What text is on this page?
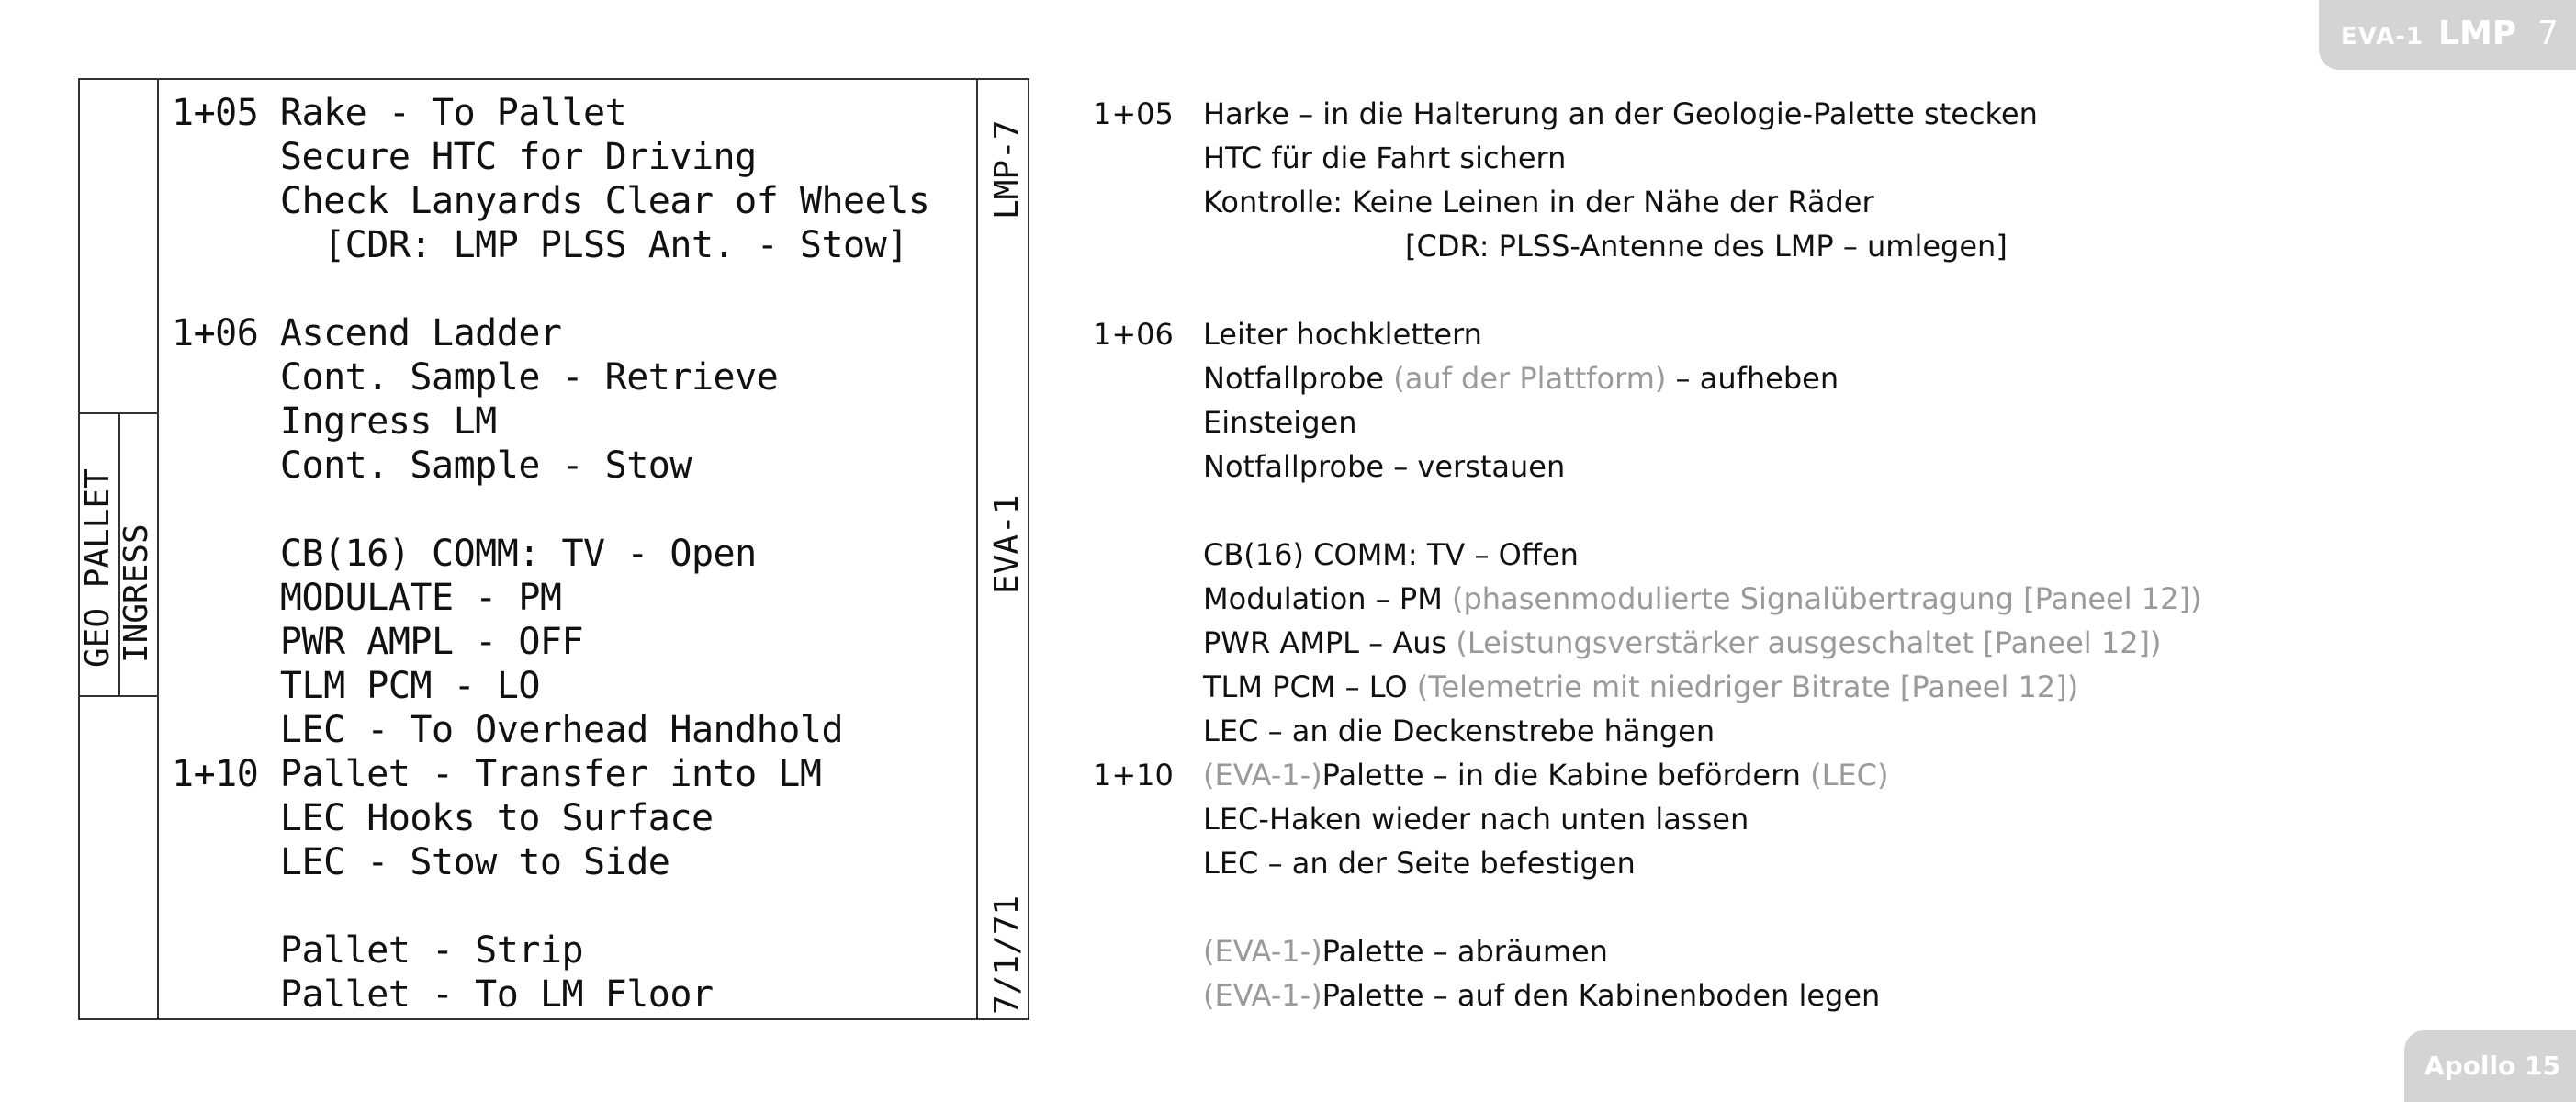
EVA-1 LMP 7
GEO PALLET INGRESS
LMP-7
EVA-1
7/1/71
1+05 Rake - To Pallet
Secure HTC for Driving
Check Lanyards Clear of Wheels
[CDR: LMP PLSS Ant. - Stow]
1+06 Ascend Ladder
Cont. Sample - Retrieve
Ingress LM
Cont. Sample - Stow
CB(16) COMM: TV - Open
MODULATE - PM
PWR AMPL - OFF
TLM PCM - LO
LEC - To Overhead Handhold
1+10 Pallet - Transfer into LM
LEC Hooks to Surface
LEC - Stow to Side
Pallet - Strip
Pallet - To LM Floor
1+05 Harke – in die Halterung an der Geologie-Palette stecken
HTC für die Fahrt sichern
Kontrolle: Keine Leinen in der Nähe der Räder
[CDR: PLSS-Antenne des LMP – umlegen]
1+06 Leiter hochklettern
Notfallprobe (auf der Plattform) – aufheben
Einsteigen
Notfallprobe – verstauen
CB(16) COMM: TV – Offen
Modulation – PM (phasenmodulierte Signalübertragung [Paneel 12])
PWR AMPL – Aus (Leistungsverstärker ausgeschaltet [Paneel 12])
TLM PCM – LO (Telemetrie mit niedriger Bitrate [Paneel 12])
LEC – an die Deckenstrebe hängen
1+10 (EVA-1-)Palette – in die Kabine befördern (LEC)
LEC-Haken wieder nach unten lassen
LEC – an der Seite befestigen
(EVA-1-)Palette – abräumen
(EVA-1-)Palette – auf den Kabinenboden legen
Apollo 15
